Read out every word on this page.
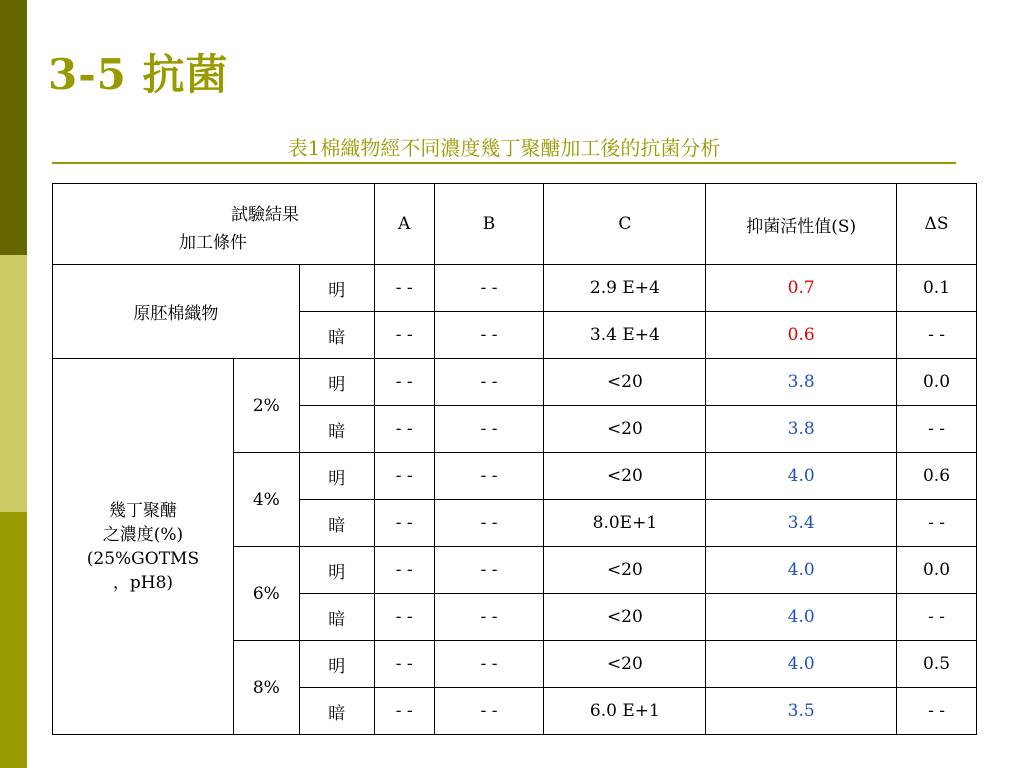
3-5 抗菌
表1棉織物經不同濃度幾丁聚醣加工後的抗菌分析
試驗結果
加工條件			A	B	C	抑菌活性值(S)	ΔS
原胚棉織物		明	- -	- -	2.9 E+4	0.7	0.1
		暗	- -	- -	3.4 E+4	0.6	- -

幾丁聚醣
之濃度(%)
(25%GOTMS
，pH8)	2%	明	- -	- -	<20	3.8	0.0
		暗	- -	- -	<20	3.8	- -
	4%	明	- -	- -	<20	4.0	0.6
		暗	- -	- -	8.0E+1	3.4	- -
	6%	明	- -	- -	<20	4.0	0.0
		暗	- -	- -	<20	4.0	- -
	8%	明	- -	- -	<20	4.0	0.5
		暗	- -	- -	6.0 E+1	3.5	- -
